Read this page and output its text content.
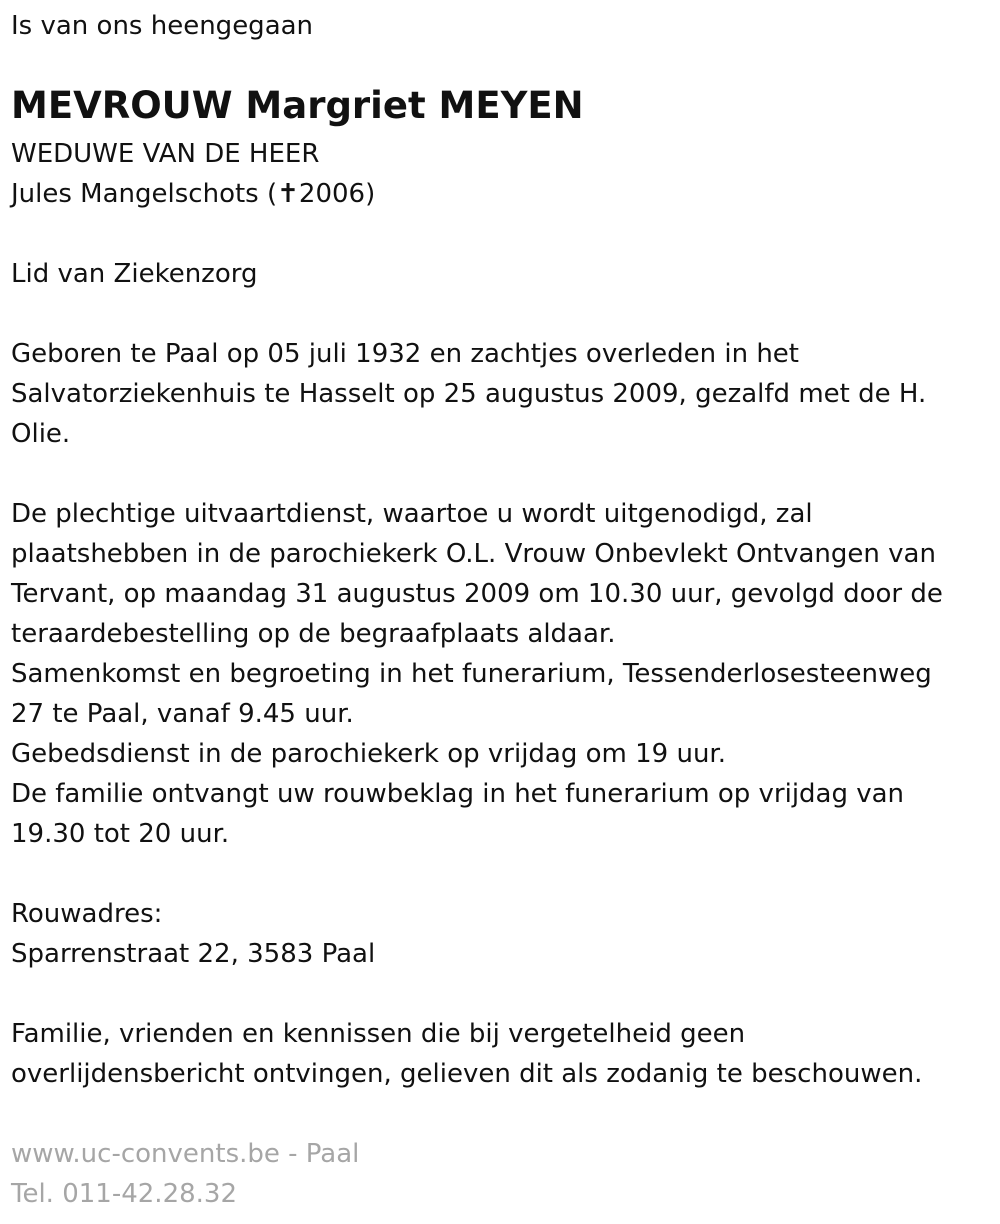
Is van ons heengegaan
MEVROUW Margriet MEYEN
WEDUWE VAN DE HEER
Jules Mangelschots (✝2006)
Lid van Ziekenzorg
Geboren te Paal op 05 juli 1932 en zachtjes overleden in het
Salvatorziekenhuis te Hasselt op 25 augustus 2009, gezalfd met de H.
Olie.
De plechtige uitvaartdienst, waartoe u wordt uitgenodigd, zal
plaatshebben in de parochiekerk O.L. Vrouw Onbevlekt Ontvangen van
Tervant, op maandag 31 augustus 2009 om 10.30 uur, gevolgd door de
teraardebestelling op de begraafplaats aldaar.
Samenkomst en begroeting in het funerarium, Tessenderlosesteenweg
27 te Paal, vanaf 9.45 uur.
Gebedsdienst in de parochiekerk op vrijdag om 19 uur.
De familie ontvangt uw rouwbeklag in het funerarium op vrijdag van
19.30 tot 20 uur.
Rouwadres:
Sparrenstraat 22, 3583 Paal
Familie, vrienden en kennissen die bij vergetelheid geen
overlijdensbericht ontvingen, gelieven dit als zodanig te beschouwen.
www.uc-convents.be - Paal
Tel. 011-42.28.32
